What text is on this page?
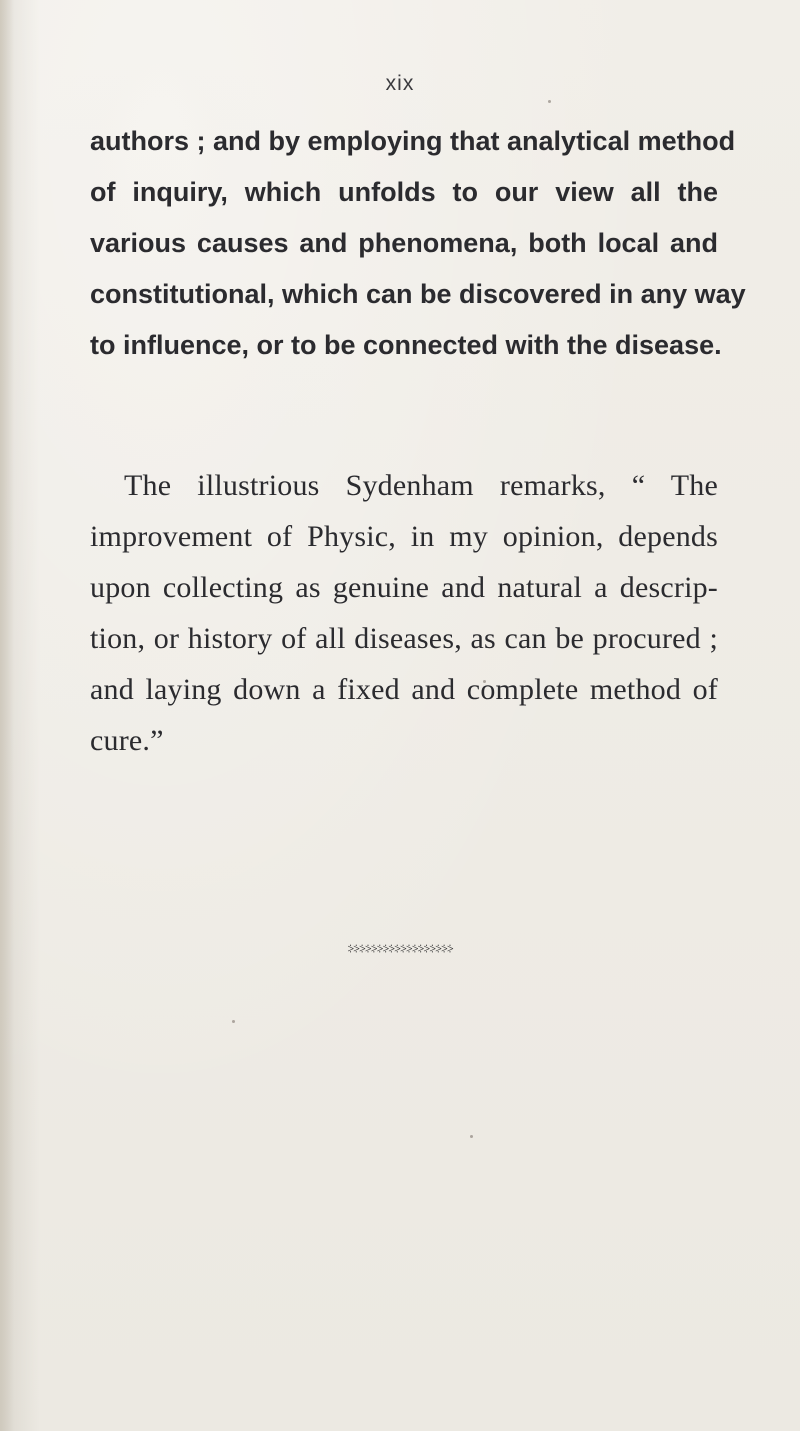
xix
authors ; and by employing that analytical method
of inquiry, which unfolds to our view all the
various causes and phenomena, both local and
constitutional, which can be discovered in any way
to influence, or to be connected with the disease.
The illustrious Sydenham remarks, “ The
improvement of Physic, in my opinion, depends
upon collecting as genuine and natural a descrip-
tion, or history of all diseases, as can be procured ;
and laying down a fixed and complete method of
cure.”
⸖⸖⸖⸖⸖⸖⸖⸖⸖⸖⸖⸖⸖⸖⸖⸖⸖⸖
